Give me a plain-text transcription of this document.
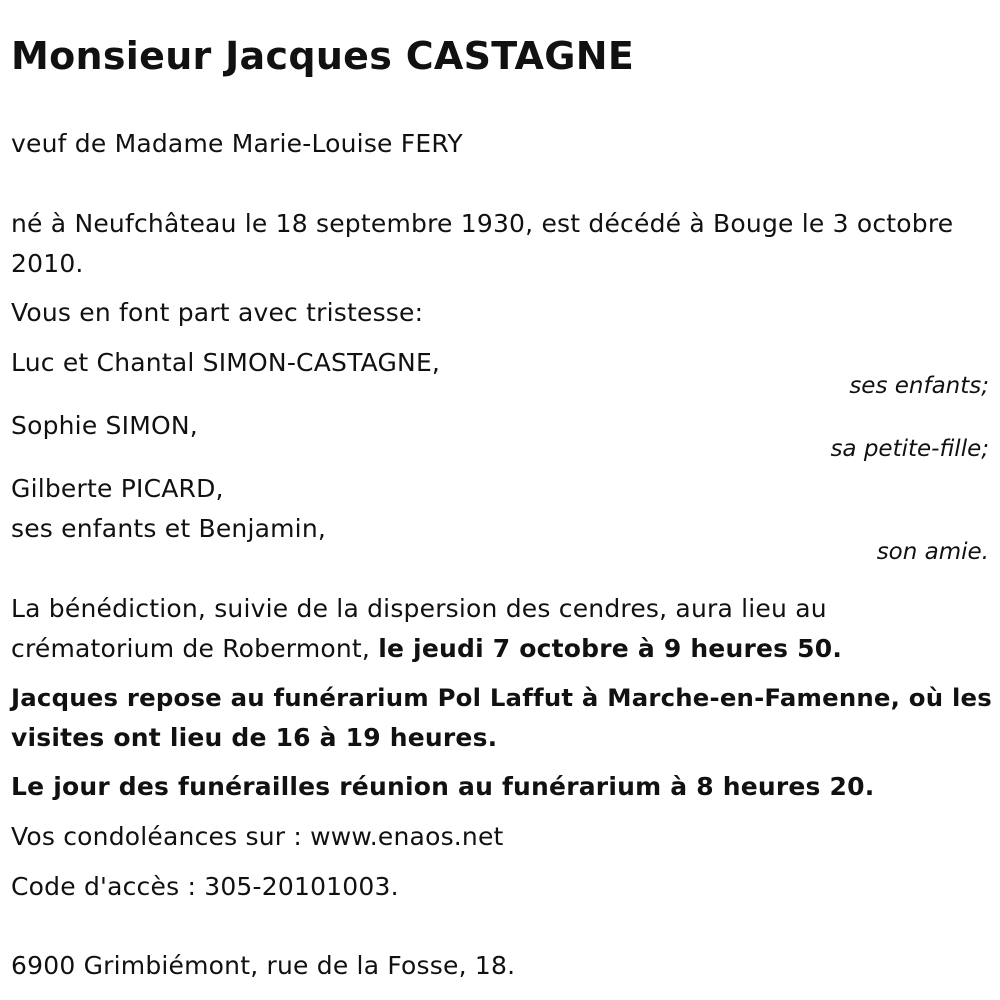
Monsieur Jacques CASTAGNE
veuf de Madame Marie-Louise FERY
né à Neufchâteau le 18 septembre 1930, est décédé à Bouge le 3 octobre
2010.
Vous en font part avec tristesse:
Luc et Chantal SIMON-CASTAGNE,
ses enfants;
Sophie SIMON,
sa petite-fille;
Gilberte PICARD,
ses enfants et Benjamin,
son amie.
La bénédiction, suivie de la dispersion des cendres, aura lieu au
crématorium de Robermont, le jeudi 7 octobre à 9 heures 50.
Jacques repose au funérarium Pol Laffut à Marche-en-Famenne, où les
visites ont lieu de 16 à 19 heures.
Le jour des funérailles réunion au funérarium à 8 heures 20.
Vos condoléances sur : www.enaos.net
Code d'accès : 305-20101003.
6900 Grimbiémont, rue de la Fosse, 18.
